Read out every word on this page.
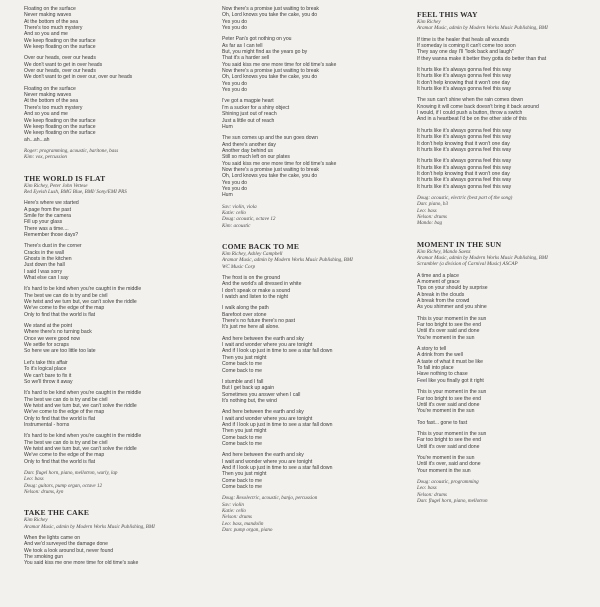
Floating on the surface
Never making waves
At the bottom of the sea
There's too much mystery
And so you and me
We keep floating on the surface
We keep floating on the surface
Over our heads, over our heads
We don't want to get in over heads
Over our heads, over our heads
We don't want to get in over our, over our heads
Floating on the surface
Never making waves
At the bottom of the sea
There's too much mystery
And so you and me
We keep floating on the surface
We keep floating on the surface
We keep floating on the surface
ah...ah...ah
Roger: programming, acoustic, baritone, bass
Kim: vox, percussion
THE WORLD IS FLAT
Kim Richey, Peter John Vettese
Red Eyeish Lush, BMG Blue, BMI/ Sony/EMI PRS
Here's where we started
A page from the past
Smile for the camera
Fill up your glass
There was a time....
Remember those days?
There's dust in the corner
Cracks in the wall
Ghosts in the kitchen
Just down the hall
I said I was sorry
What else can I say
It's hard to be kind when you're caught in the middle
The best we can do is try and be civil
We twist and we turn but, we can't solve the riddle
We've come to the edge of the map
Only to find that the world is flat
We stand at the point
Where there's no turning back
Once we were good now
We settle for scraps
So here we are too little too late
Let's take this affair
To it's logical place
We can't bare to fix it
So we'll throw it away
It's hard to be kind when you're caught in the middle
The best we can do is try and be civil
We twist and we turn but, we can't solve the riddle
We've come to the edge of the map
Only to find that the world is flat
Instrumental - horns
It's hard to be kind when you're caught in the middle
The best we can do is try and be civil
We twist and we turn but, we can't solve the riddle
We've come to the edge of the map
Only to find that the world is flat
Dan: flugel horn, piano, mellotron, wurly, lap
Leo: bass
Doug: guitars, pump organ, octave 12
Nelson: drums, kyn
TAKE THE CAKE
Kim Richey
Aramar Music, admin by Modern Works Music Publishing, BMI
When the lights came on
And we'd surveyed the damage done
We took a look around but, never found
The smoking gun
You said kiss me one more time for old time's sake
Now there's a promise just waiting to break
Oh, Lord knows you take the cake, you do
Yes you do
Yes you do
Peter Pan's got nothing on you
As far as I can tell
But, you might find as the years go by
That it's a harder sell
You said kiss me one more time for old time's sake
Now there's a promise just waiting to break
Oh, Lord knows you take the cake, you do
Yes you do
Yes you do
I've got a magpie heart
I'm a sucker for a shiny object
Shining just out of reach
Just a little out of reach
Hum
The sun comes up and the sun goes down
And there's another day
Another day behind us
Still so much left on our plates
You said kiss me one more time for old time's sake
Now there's a promise just waiting to break
Oh, Lord knows you take the cake, you do
Yes you do
Yes you do
Hum
Sav: violin, viola
Katie: cello
Doug: acoustic, octave 12
Kim: acoustic
COME BACK TO ME
Kim Richey, Ashley Campbell
Aramar Music, admin by Modern Works Music Publishing, BMI
WC Music Corp
The frost is on the ground
And the world's all dressed in white
I don't speak or make a sound
I watch and listen to the night
I walk along the path
Barefoot over stone
There's no future there's no past
It's just me here all alone.
And here between the earth and sky
I wait and wonder where you are tonight
And if I look up just in time to see a star fall down
Then you just might
Come back to me
Come back to me
I stumble and I fall
But I get back up again
Sometimes you answer when I call
It's nothing but, the wind
And here between the earth and sky
I wait and wonder where you are tonight
And if I look up just in time to see a star fall down
Then you just might
Come back to me
Come back to me
And here between the earth and sky
I wait and wonder where you are tonight
And if I look up just in time to see a star fall down
Then you just might
Come back to me
Come back to me
Doug: Resolectric, acoustic, banjo, percussion
Sav: violin
Katie: cello
Nelson: drums
Leo: bass, mandolin
Dan: pump organ, piano
FEEL THIS WAY
Kim Richey
Aramar Music, admin by Modern Works Music Publishing, BMI
If time is the healer that heals all wounds
If someday is coming it can't come too soon
They say one day I'll "look back and laugh"
If they wanna make it better they gotta do better than that
It hurts like it's always gonna feel this way
It hurts like it's always gonna feel this way
It don't help knowing that it won't one day
It hurts like it's always gonna feel this way
The sun can't shine when the rain comes down
Knowing it will come back doesn't bring it back around
I would, if I could push a button, throw a switch
And in a heartbeat I'd be on the other side of this
It hurts like it's always gonna feel this way
It hurts like it's always gonna feel this way
It don't help knowing that it won't one day
It hurts like it's always gonna feel this way
It hurts like it's always gonna feel this way
It hurts like it's always gonna feel this way
It don't help knowing that it won't one day
It hurts like it's always gonna feel this way
It hurts like it's always gonna feel this way
Doug: acoustic, electric (best part of the song)
Dan: piano, b3
Leo: bass
Nelson: drums
Mando: bag
MOMENT IN THE SUN
Kim Richey, Mando Saenz
Aramar Music, admin by Modern Works Music Publishing, BMI
Scrambler (a division of Carnival Music) ASCAP
A time and a place
A moment of grace
Tips on your should by surprise
A break in the clouds
A break from the crowd
As you shimmer and you shine
This is your moment in the sun
Far too bright to see the end
Until it's over said and done
You're moment in the sun
A story to tell
A drink from the well
A taste of what it must be like
To fall into place
Have nothing to chase
Feel like you finally got it right
This is your moment in the sun
Far too bright to see the end
Until it's over said and done
You're moment in the sun
Too fast... gone to fast
This is your moment in the sun
Far too bright to see the end
Until it's over said and done
You're moment in the sun
Until it's over, said and done
Your moment in the sun
Doug: acoustic, programming
Leo: bass
Nelson: drums
Dan: flugel horn, piano, mellotron
